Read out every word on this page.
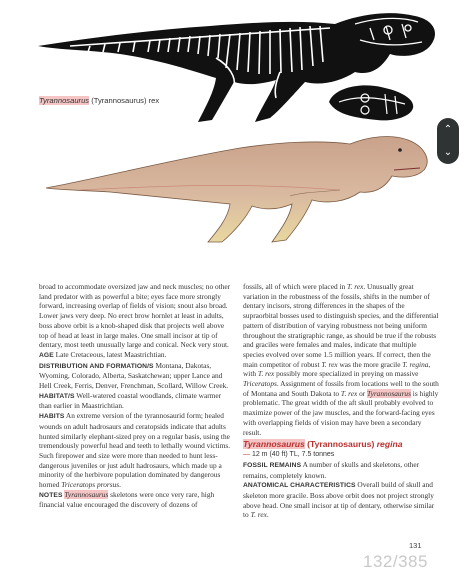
Tyrannosaurus (Tyrannosaurus) rex
⌃
⌄

broad to accommodate oversized jaw and neck muscles; no other land predator with as powerful a bite; eyes face more strongly forward, increasing overlap of fields of vision; snout also broad. Lower jaws very deep. No erect brow hornlet at least in adults, boss above orbit is a knob-shaped disk that projects well above top of head at least in large males. One small incisor at tip of dentary, most teeth unusually large and conical. Neck very stout.

AGE Late Cretaceous, latest Maastrichtian.

DISTRIBUTION AND FORMATION/S Montana, Dakotas, Wyoming, Colorado, Alberta, Saskatchewan; upper Lance and Hell Creek, Ferris, Denver, Frenchman, Scollard, Willow Creek.

HABITAT/S Well-watered coastal woodlands, climate warmer than earlier in Maastrichtian.

HABITS An extreme version of the tyrannosaurid form; healed wounds on adult hadrosaurs and ceratopsids indicate that adults hunted similarly elephant-sized prey on a regular basis, using the tremendously powerful head and teeth to lethally wound victims. Such firepower and size were more than needed to hunt less-dangerous juveniles or just adult hadrosaurs, which made up a minority of the herbivore population dominated by dangerous horned Triceratops prorsus.

NOTES Tyrannosaurus skeletons were once very rare, high financial value encouraged the discovery of dozens of

fossils, all of which were placed in T. rex. Unusually great variation in the robustness of the fossils, shifts in the number of dentary incisors, strong differences in the shapes of the supraorbital bosses used to distinguish species, and the differential pattern of distribution of varying robustness not being uniform throughout the stratigraphic range, as should be true if the robusts and graciles were females and males, indicate that multiple species evolved over some 1.5 million years. If correct, then the main competitor of robust T. rex was the more gracile T. regina, with T. rex possibly more specialized in preying on massive Triceratops. Assignment of fossils from locations well to the south of Montana and South Dakota to T. rex or Tyrannosaurus is highly problematic. The great width of the aft skull probably evolved to maximize power of the jaw muscles, and the forward-facing eyes with overlapping fields of vision may have been a secondary result.

Tyrannosaurus (Tyrannosaurus) regina
— 12 m (40 ft) TL, 7.5 tonnes

FOSSIL REMAINS A number of skulls and skeletons, other remains, completely known.

ANATOMICAL CHARACTERISTICS Overall build of skull and skeleton more gracile. Boss above orbit does not project strongly above head. One small incisor at tip of dentary, otherwise similar to T. rex.

131
132/385
